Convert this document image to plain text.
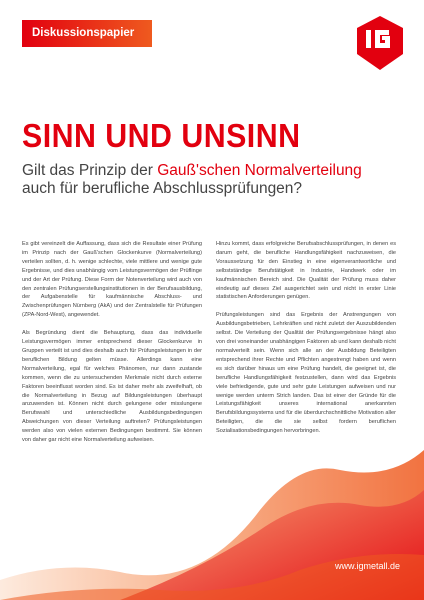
Diskussionspapier
SINN UND UNSINN
Gilt das Prinzip der Gauß'schen Normalverteilung auch für berufliche Abschlussprüfungen?

Es gibt vereinzelt die Auffassung, dass sich die Resultate einer Prüfung im Prinzip nach der Gauß'schen Glockenkurve (Normalverteilung) verteilen sollten, d. h. wenige schlechte, viele mittlere und wenige gute Ergebnisse, und dies unabhängig vom Leistungsvermögen der Prüflinge und der Art der Prüfung. Diese Form der Notenverteilung wird auch von den zentralen Prüfungserstellungsinstitutionen in der Berufsausbildung, der Aufgabenstelle für kaufmännische Abschluss- und Zwischenprüfungen Nürnberg (AkA) und der Zentralstelle für Prüfungen (ZPA-Nord-West), angewendet.

Als Begründung dient die Behauptung, dass das individuelle Leistungsvermögen immer entsprechend dieser Glockenkurve in Gruppen verteilt ist und dies deshalb auch für Prüfungsleistungen in der beruflichen Bildung gelten müsse. Allerdings kann eine Normalverteilung, egal für welches Phänomen, nur dann zustande kommen, wenn die zu untersuchenden Merkmale nicht durch externe Faktoren beeinflusst worden sind. Es ist daher mehr als zweifelhaft, ob die Normalverteilung in Bezug auf Bildungsleistungen überhaupt anzuwenden ist. Können nicht durch gelungene oder misslungene Berufswahl und unterschiedliche Ausbildungsbedingungen Abweichungen von dieser Verteilung auftreten? Prüfungsleistungen werden also von vielen externen Bedingungen bestimmt. Sie können von daher gar nicht eine Normalverteilung aufweisen.

Hinzu kommt, dass erfolgreiche Berufsabschlussprüfungen, in denen es darum geht, die berufliche Handlungsfähigkeit nachzuweisen, die Voraussetzung für den Einstieg in eine eigenverantwortliche und selbstständige Berufstätigkeit in Industrie, Handwerk oder im kaufmännischen Bereich sind. Die Qualität der Prüfung muss daher eindeutig auf dieses Ziel ausgerichtet sein und nicht in erster Linie statistischen Anforderungen genügen.

Prüfungsleistungen sind das Ergebnis der Anstrengungen von Ausbildungsbetrieben, Lehrkräften und nicht zuletzt der Auszubildenden selbst. Die Verteilung der Qualität der Prüfungsergebnisse hängt also von drei voneinander unabhängigen Faktoren ab und kann deshalb nicht normalverteilt sein. Wenn sich alle an der Ausbildung Beteiligten entsprechend ihrer Rechte und Pflichten angestrengt haben und wenn es sich darüber hinaus um eine Prüfung handelt, die geeignet ist, die berufliche Handlungsfähigkeit festzustellen, dann wird das Ergebnis viele befriedigende, gute und sehr gute Leistungen aufweisen und nur wenige werden unterm Strich landen. Das ist einer der Gründe für die Leistungsfähigkeit unseres international anerkannten Berufsbildungssystems und für die überdurchschnittliche Motivation aller Beteiligten, die die sie selbst fordern beruflichen Sozialisationsbedingungen hervorbringen.

www.igmetall.de
